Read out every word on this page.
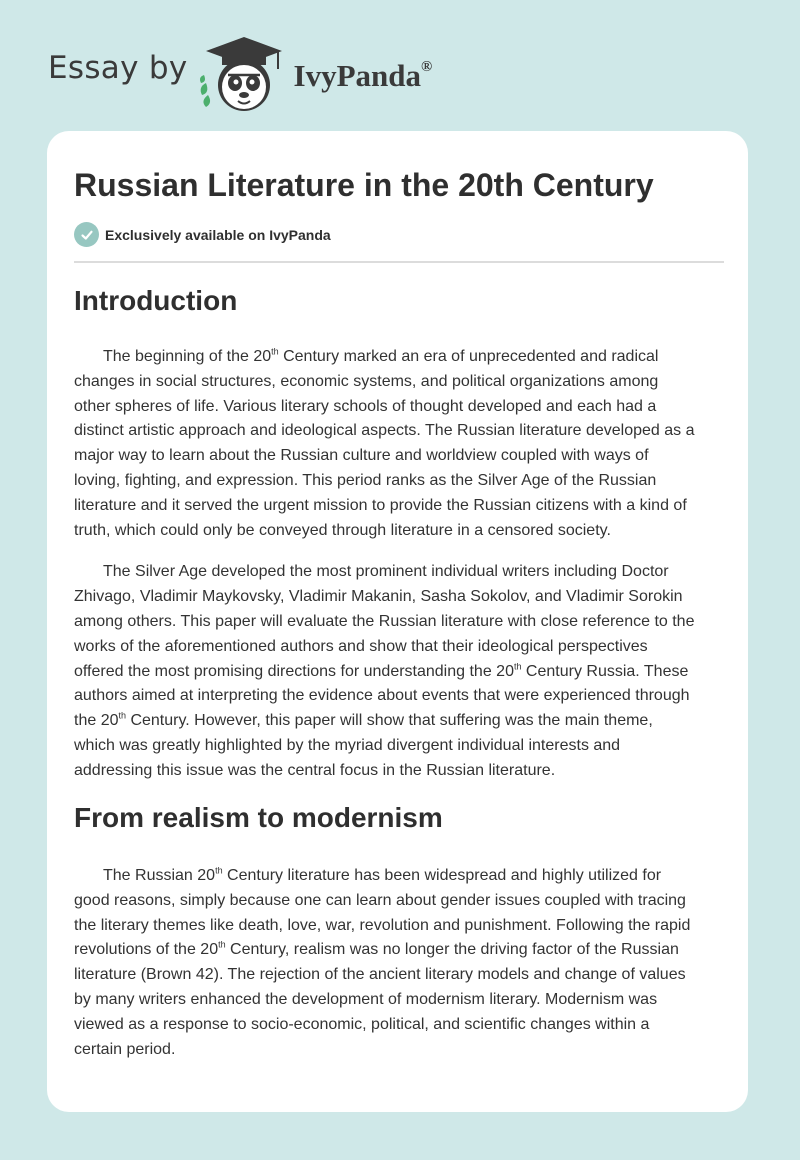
Essay by	IvyPanda®
Russian Literature in the 20th Century
Exclusively available on IvyPanda
Introduction

The beginning of the 20th Century marked an era of unprecedented and radical
changes in social structures, economic systems, and political organizations among
other spheres of life. Various literary schools of thought developed and each had a
distinct artistic approach and ideological aspects. The Russian literature developed as a
major way to learn about the Russian culture and worldview coupled with ways of
loving, fighting, and expression. This period ranks as the Silver Age of the Russian
literature and it served the urgent mission to provide the Russian citizens with a kind of
truth, which could only be conveyed through literature in a censored society.

The Silver Age developed the most prominent individual writers including Doctor
Zhivago, Vladimir Maykovsky, Vladimir Makanin, Sasha Sokolov, and Vladimir Sorokin
among others. This paper will evaluate the Russian literature with close reference to the
works of the aforementioned authors and show that their ideological perspectives
offered the most promising directions for understanding the 20th Century Russia. These
authors aimed at interpreting the evidence about events that were experienced through
the 20th Century. However, this paper will show that suffering was the main theme,
which was greatly highlighted by the myriad divergent individual interests and
addressing this issue was the central focus in the Russian literature.

From realism to modernism

The Russian 20th Century literature has been widespread and highly utilized for
good reasons, simply because one can learn about gender issues coupled with tracing
the literary themes like death, love, war, revolution and punishment. Following the rapid
revolutions of the 20th Century, realism was no longer the driving factor of the Russian
literature (Brown 42). The rejection of the ancient literary models and change of values
by many writers enhanced the development of modernism literary. Modernism was
viewed as a response to socio-economic, political, and scientific changes within a
certain period.
